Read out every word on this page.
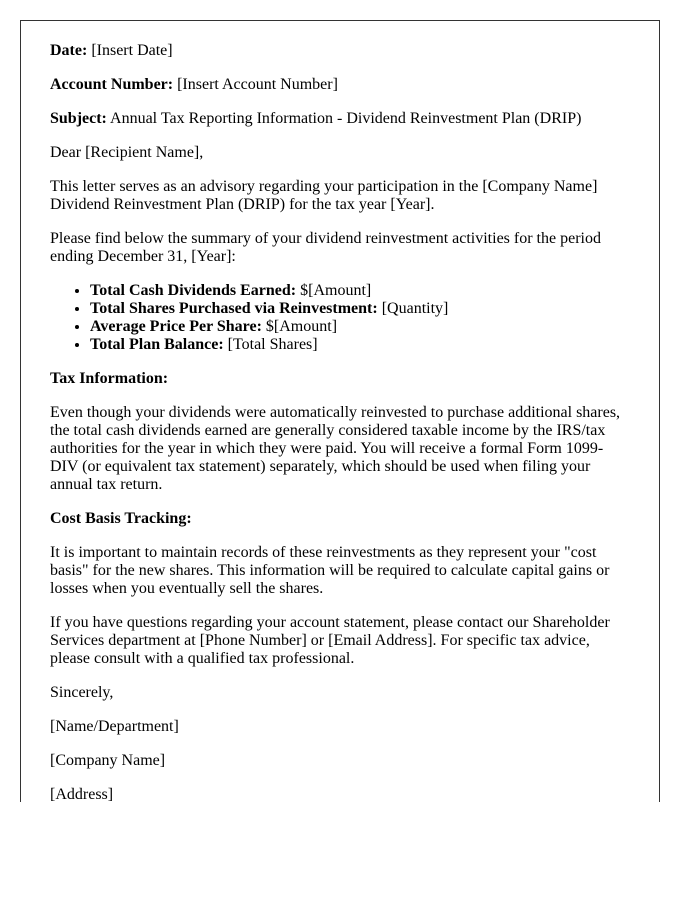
Date: [Insert Date]

Account Number: [Insert Account Number]

Subject: Annual Tax Reporting Information - Dividend Reinvestment Plan (DRIP)

Dear [Recipient Name],

This letter serves as an advisory regarding your participation in the [Company Name] Dividend Reinvestment Plan (DRIP) for the tax year [Year].

Please find below the summary of your dividend reinvestment activities for the period ending December 31, [Year]:

• Total Cash Dividends Earned: $[Amount]
• Total Shares Purchased via Reinvestment: [Quantity]
• Average Price Per Share: $[Amount]
• Total Plan Balance: [Total Shares]
Tax Information:

Even though your dividends were automatically reinvested to purchase additional shares, the total cash dividends earned are generally considered taxable income by the IRS/tax authorities for the year in which they were paid. You will receive a formal Form 1099-DIV (or equivalent tax statement) separately, which should be used when filing your annual tax return.

Cost Basis Tracking:

It is important to maintain records of these reinvestments as they represent your "cost basis" for the new shares. This information will be required to calculate capital gains or losses when you eventually sell the shares.

If you have questions regarding your account statement, please contact our Shareholder Services department at [Phone Number] or [Email Address]. For specific tax advice, please consult with a qualified tax professional.

Sincerely,

[Name/Department]

[Company Name]

[Address]
